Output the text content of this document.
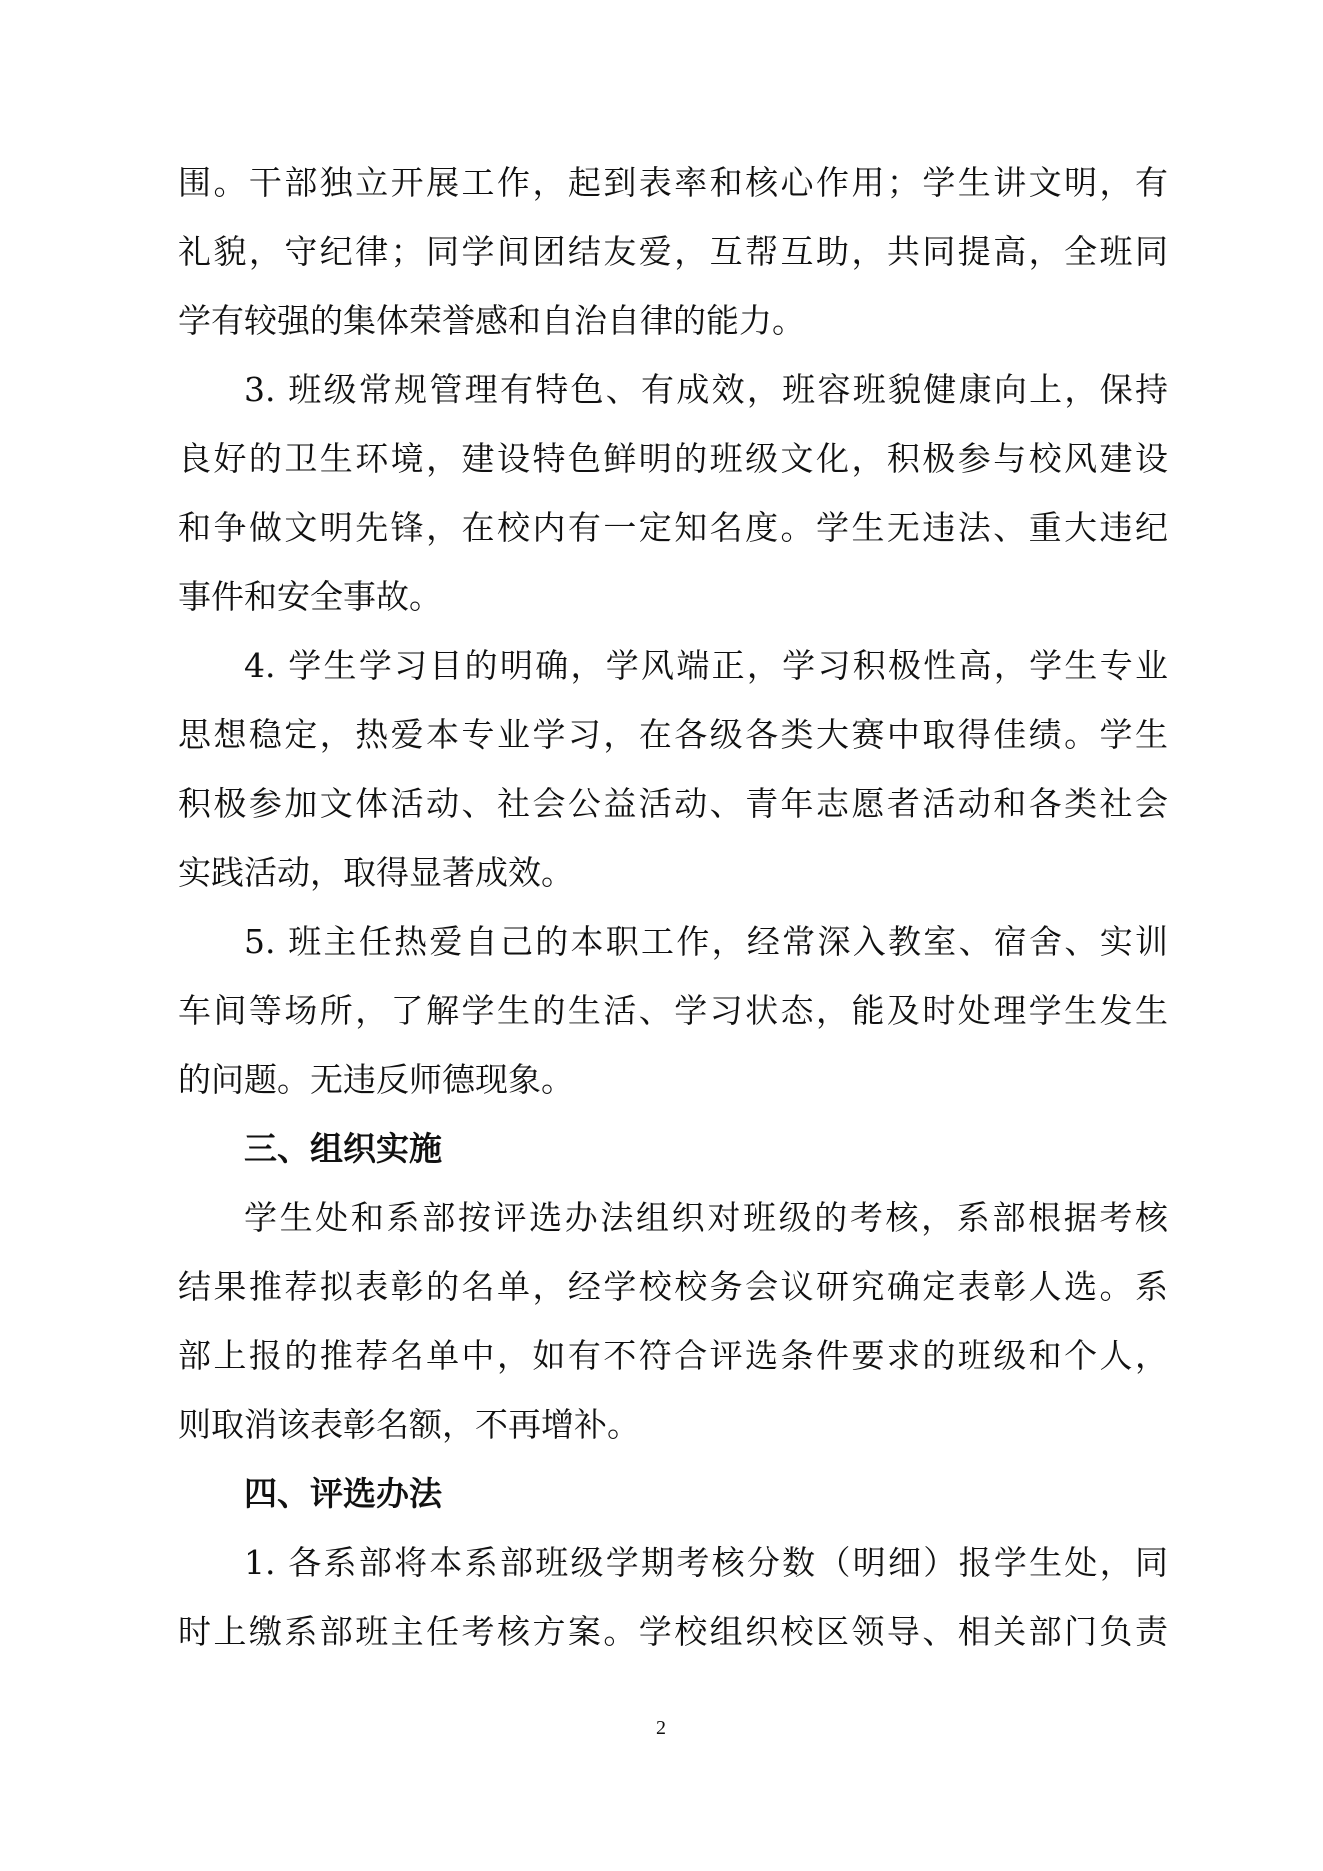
围。干部独立开展工作，起到表率和核心作用；学生讲文明，有
礼貌，守纪律；同学间团结友爱，互帮互助，共同提高，全班同
学有较强的集体荣誉感和自治自律的能力。
3. 班级常规管理有特色、有成效，班容班貌健康向上，保持
良好的卫生环境，建设特色鲜明的班级文化，积极参与校风建设
和争做文明先锋，在校内有一定知名度。学生无违法、重大违纪
事件和安全事故。
4. 学生学习目的明确，学风端正，学习积极性高，学生专业
思想稳定，热爱本专业学习，在各级各类大赛中取得佳绩。学生
积极参加文体活动、社会公益活动、青年志愿者活动和各类社会
实践活动，取得显著成效。
5. 班主任热爱自己的本职工作，经常深入教室、宿舍、实训
车间等场所，了解学生的生活、学习状态，能及时处理学生发生
的问题。无违反师德现象。
三、组织实施
学生处和系部按评选办法组织对班级的考核，系部根据考核
结果推荐拟表彰的名单，经学校校务会议研究确定表彰人选。系
部上报的推荐名单中，如有不符合评选条件要求的班级和个人，
则取消该表彰名额，不再增补。
四、评选办法
1. 各系部将本系部班级学期考核分数（明细）报学生处，同
时上缴系部班主任考核方案。学校组织校区领导、相关部门负责
2
